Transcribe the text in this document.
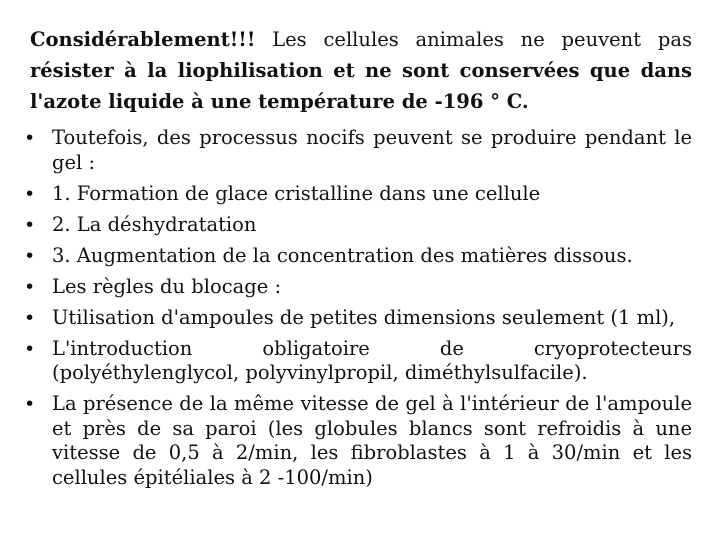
Considérablement!!! Les cellules animales ne peuvent pas résister à la liophilisation et ne sont conservées que dans l'azote liquide à une température de -196 ° C.

• Toutefois, des processus nocifs peuvent se produire pendant le gel :
• 1. Formation de glace cristalline dans une cellule
• 2. La déshydratation
• 3. Augmentation de la concentration des matières dissous.
• Les règles du blocage :
• Utilisation d'ampoules de petites dimensions seulement (1 ml),
• L'introduction obligatoire de cryoprotecteurs (polyéthylenglycol, polyvinylpropil, diméthylsulfacile).
• La présence de la même vitesse de gel à l'intérieur de l'ampoule et près de sa paroi (les globules blancs sont refroidis à une vitesse de 0,5 à 2/min, les fibroblastes à 1 à 30/min et les cellules épitéliales à 2 -100/min)
